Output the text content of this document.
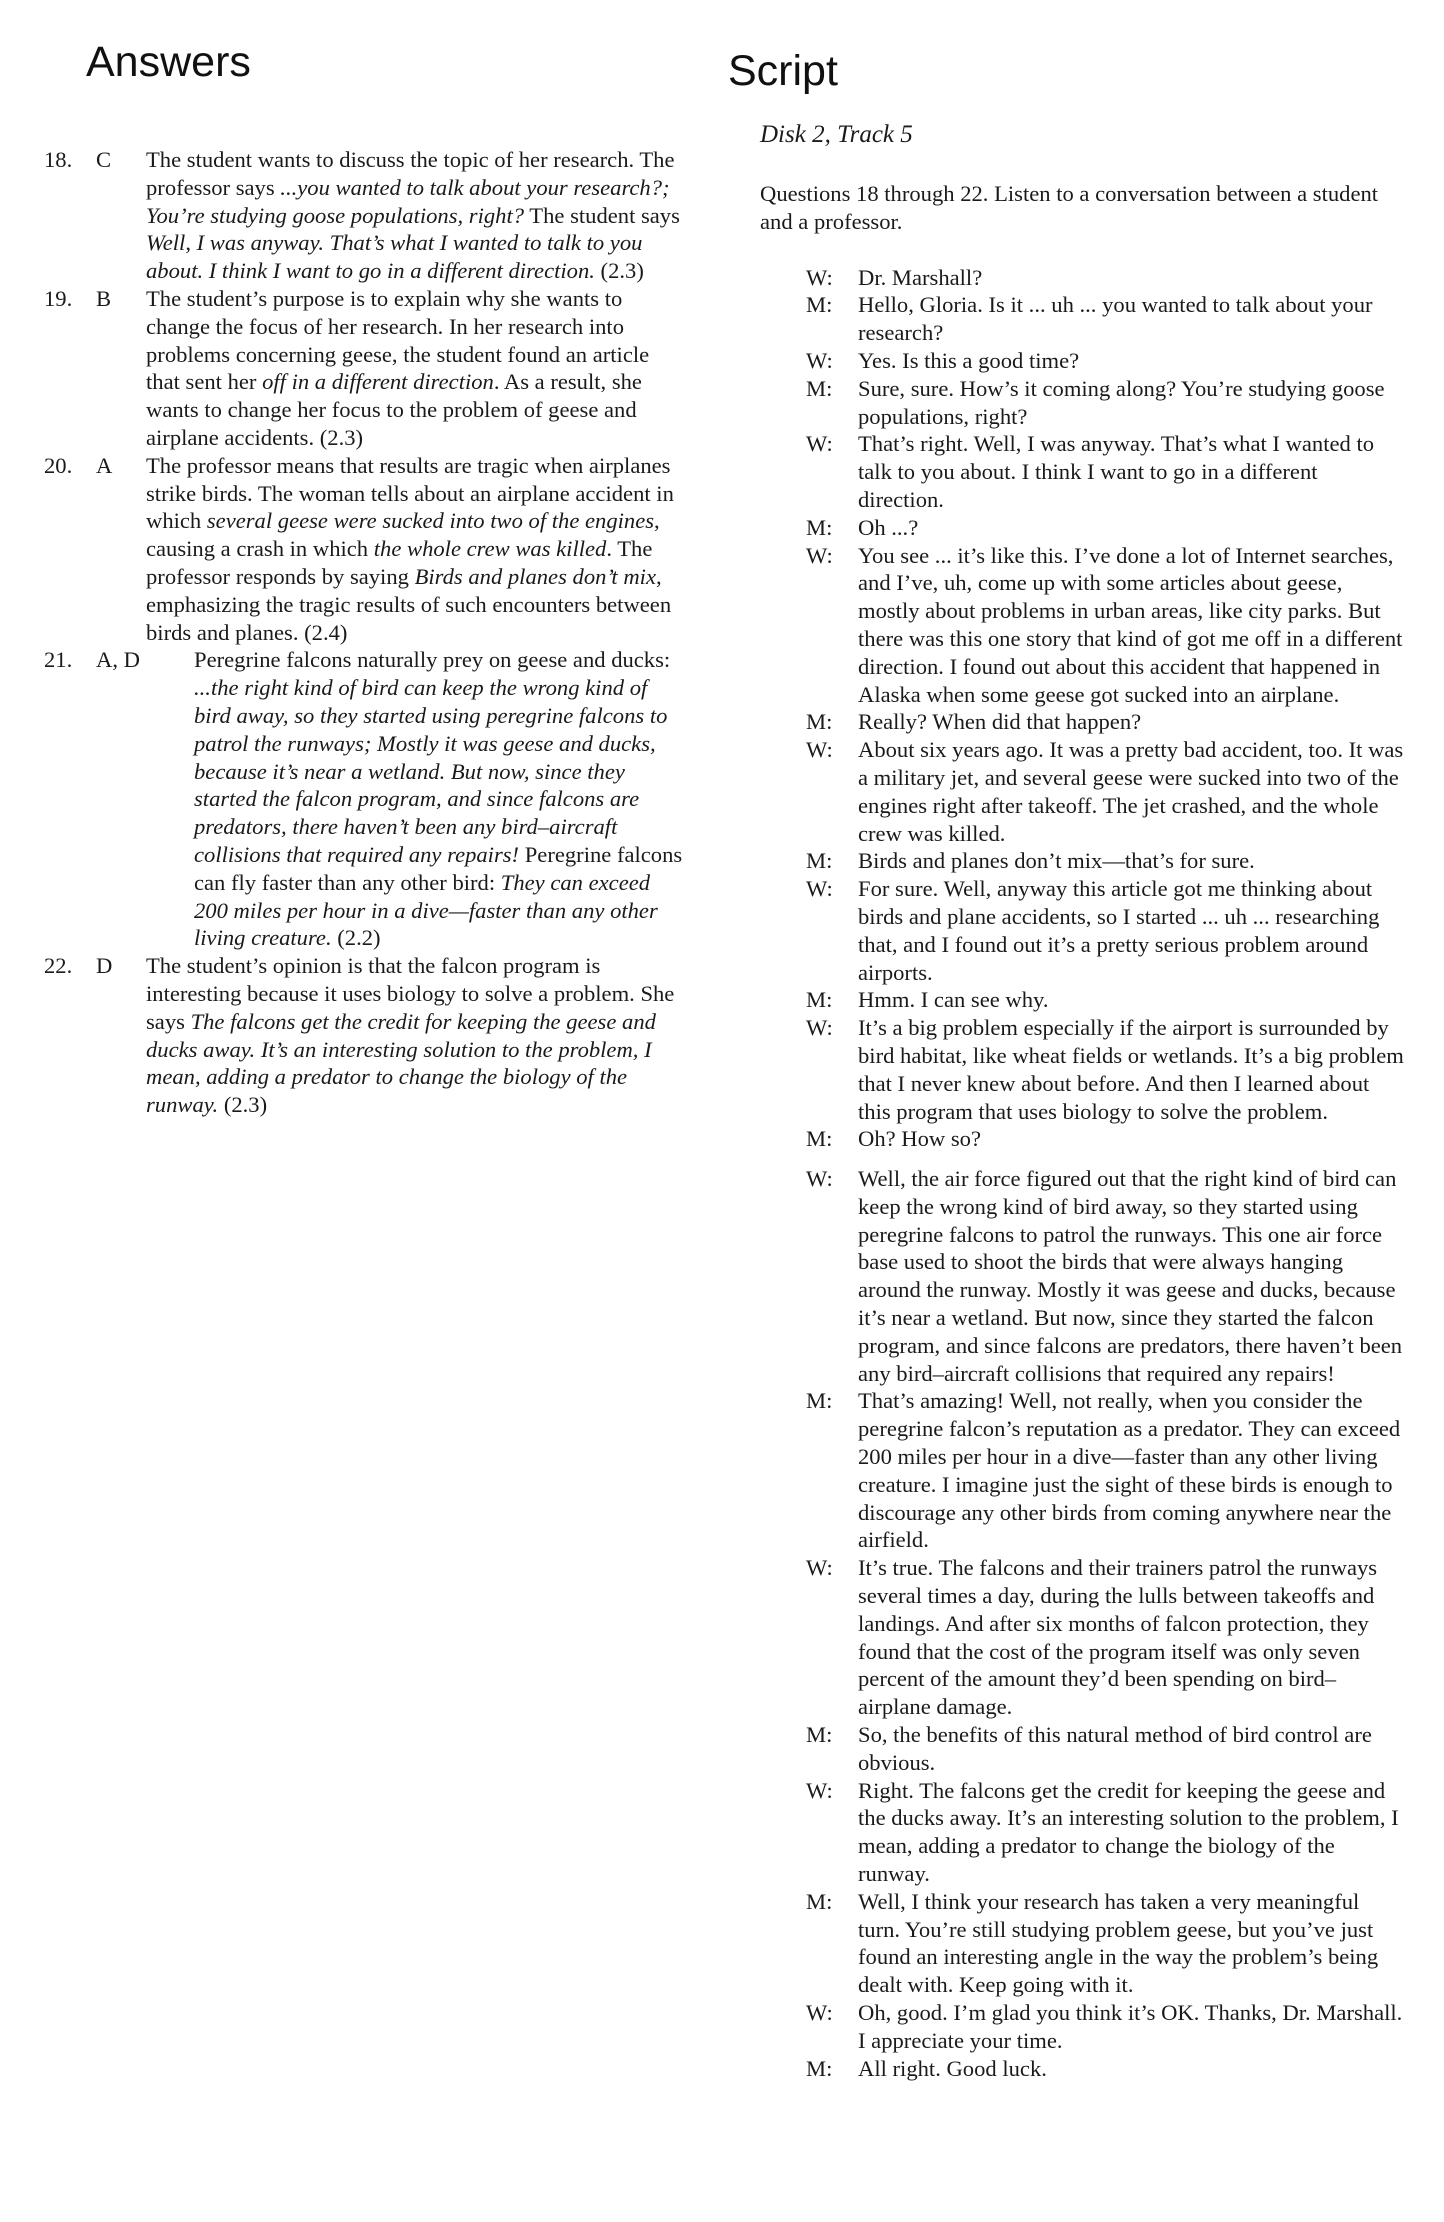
Answers	Script
18. C The student wants to discuss the topic of her research. The professor says ...you wanted to talk about your research?; You’re studying goose populations, right? The student says Well, I was anyway. That’s what I wanted to talk to you about. I think I want to go in a different direction. (2.3)
19. B The student’s purpose is to explain why she wants to change the focus of her research. In her research into problems concerning geese, the student found an article that sent her off in a different direction. As a result, she wants to change her focus to the problem of geese and airplane accidents. (2.3)
20. A The professor means that results are tragic when airplanes strike birds. The woman tells about an airplane accident in which several geese were sucked into two of the engines, causing a crash in which the whole crew was killed. The professor responds by saying Birds and planes don’t mix, emphasizing the tragic results of such encounters between birds and planes. (2.4)
21. A, D Peregrine falcons naturally prey on geese and ducks: ...the right kind of bird can keep the wrong kind of bird away, so they started using peregrine falcons to patrol the runways; Mostly it was geese and ducks, because it’s near a wetland. But now, since they started the falcon program, and since falcons are predators, there haven’t been any bird–aircraft collisions that required any repairs! Peregrine falcons can fly faster than any other bird: They can exceed 200 miles per hour in a dive—faster than any other living creature. (2.2)
22. D The student’s opinion is that the falcon program is interesting because it uses biology to solve a problem. She says The falcons get the credit for keeping the geese and ducks away. It’s an interesting solution to the problem, I mean, adding a predator to change the biology of the runway. (2.3)
Disk 2, Track 5
Questions 18 through 22. Listen to a conversation between a student and a professor.
W: Dr. Marshall?
M: Hello, Gloria. Is it ... uh ... you wanted to talk about your research?
W: Yes. Is this a good time?
M: Sure, sure. How’s it coming along? You’re studying goose populations, right?
W: That’s right. Well, I was anyway. That’s what I wanted to talk to you about. I think I want to go in a different direction.
M: Oh ...?
W: You see ... it’s like this. I’ve done a lot of Internet searches, and I’ve, uh, come up with some articles about geese, mostly about problems in urban areas, like city parks. But there was this one story that kind of got me off in a different direction. I found out about this accident that happened in Alaska when some geese got sucked into an airplane.
M: Really? When did that happen?
W: About six years ago. It was a pretty bad accident, too. It was a military jet, and several geese were sucked into two of the engines right after takeoff. The jet crashed, and the whole crew was killed.
M: Birds and planes don’t mix—that’s for sure.
W: For sure. Well, anyway this article got me thinking about birds and plane accidents, so I started ... uh ... researching that, and I found out it’s a pretty serious problem around airports.
M: Hmm. I can see why.
W: It’s a big problem especially if the airport is surrounded by bird habitat, like wheat fields or wetlands. It’s a big problem that I never knew about before. And then I learned about this program that uses biology to solve the problem.
M: Oh? How so?
W: Well, the air force figured out that the right kind of bird can keep the wrong kind of bird away, so they started using peregrine falcons to patrol the runways. This one air force base used to shoot the birds that were always hanging around the runway. Mostly it was geese and ducks, because it’s near a wetland. But now, since they started the falcon program, and since falcons are predators, there haven’t been any bird–aircraft collisions that required any repairs!
M: That’s amazing! Well, not really, when you consider the peregrine falcon’s reputation as a predator. They can exceed 200 miles per hour in a dive—faster than any other living creature. I imagine just the sight of these birds is enough to discourage any other birds from coming anywhere near the airfield.
W: It’s true. The falcons and their trainers patrol the runways several times a day, during the lulls between takeoffs and landings. And after six months of falcon protection, they found that the cost of the program itself was only seven percent of the amount they’d been spending on bird–airplane damage.
M: So, the benefits of this natural method of bird control are obvious.
W: Right. The falcons get the credit for keeping the geese and the ducks away. It’s an interesting solution to the problem, I mean, adding a predator to change the biology of the runway.
M: Well, I think your research has taken a very meaningful turn. You’re still studying problem geese, but you’ve just found an interesting angle in the way the problem’s being dealt with. Keep going with it.
W: Oh, good. I’m glad you think it’s OK. Thanks, Dr. Marshall. I appreciate your time.
M: All right. Good luck.
